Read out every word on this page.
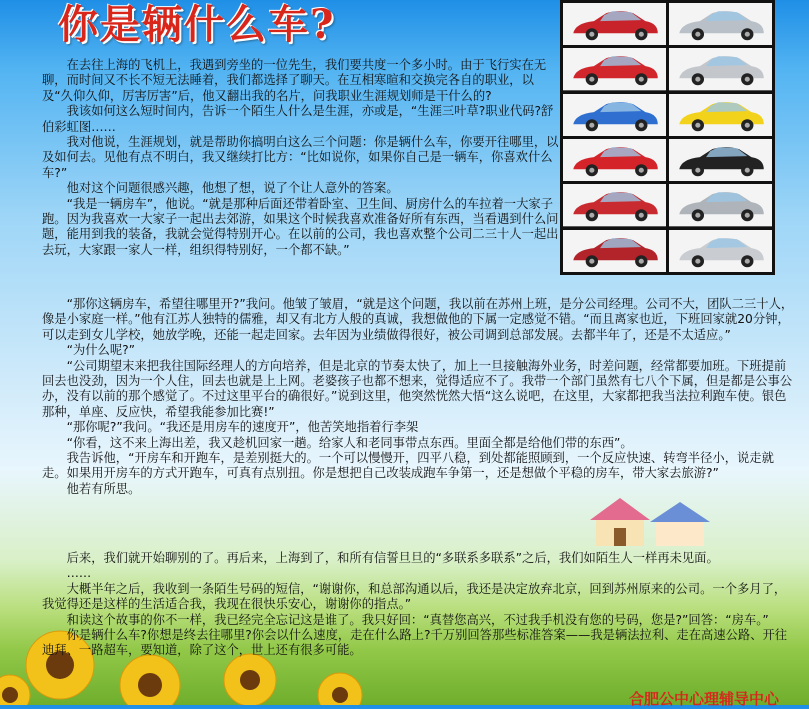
你是辆什么车?

在去往上海的飞机上，我遇到旁坐的一位先生，我们要共度一个多小时。由于飞行实在无聊，而时间又不长不短无法睡着，我们都选择了聊天。在互相寒暄和交换完各自的职业，以及“久仰久仰，厉害厉害”后，他又翻出我的名片，问我职业生涯规划师是干什么的?

我该如何这么短时间内，告诉一个陌生人什么是生涯，亦或是，“生涯三叶草?职业代码?舒伯彩虹图……

我对他说，生涯规划，就是帮助你搞明白这么三个问题：你是辆什么车，你要开往哪里，以及如何去。见他有点不明白，我又继续打比方：“比如说你，如果你自己是一辆车，你喜欢什么车?”

他对这个问题很感兴趣，他想了想，说了个让人意外的答案。

“我是一辆房车”，他说。“就是那种后面还带着卧室、卫生间、厨房什么的车拉着一大家子跑。因为我喜欢一大家子一起出去郊游，如果这个时候我喜欢准备好所有东西，当看遇到什么问题，能用到我的装备，我就会觉得特别开心。在以前的公司，我也喜欢整个公司二三十人一起出去玩，大家跟一家人一样，组织得特别好，一个都不缺。”

“那你这辆房车，希望往哪里开?”我问。他皱了皱眉，“就是这个问题，我以前在苏州上班，是分公司经理。公司不大，团队二三十人，像是小家庭一样。”他有江苏人独特的儒雅，却又有北方人般的真诚，我想做他的下属一定感觉不错。“而且离家也近，下班回家就20分钟，可以走到女儿学校，她放学晚，还能一起走回家。去年因为业绩做得很好，被公司调到总部发展。去都半年了，还是不太适应。”

“为什么呢?”

“公司期望末来把我往国际经理人的方向培养，但是北京的节奏太快了，加上一旦接触海外业务，时差问题，经常都要加班。下班提前回去也没劲，因为一个人住，回去也就是上上网。老婆孩子也都不想来，觉得适应不了。我带一个部门虽然有七八个下属，但是都是公事公办，没有以前的那个感觉了。不过这里平台的确很好。”说到这里，他突然恍然大悟“这么说吧，在这里，大家都把我当法拉利跑车使。银色那种，单座、反应快，希望我能参加比赛!”

“那你呢?”我问。“我还是用房车的速度开”，他苦笑地指着行李架

“你看，这不来上海出差，我又趁机回家一趟。给家人和老同事带点东西。里面全都是给他们带的东西”。

我告诉他，“开房车和开跑车，是差别挺大的。一个可以慢慢开，四平八稳，到处都能照顾到，一个反应快速、转弯半径小，说走就走。如果用开房车的方式开跑车，可真有点别扭。你是想把自己改装成跑车争第一，还是想做个平稳的房车，带大家去旅游?”

他若有所思。

后来，我们就开始聊别的了。再后来，上海到了，和所有信誓旦旦的“多联系多联系”之后，我们如陌生人一样再未见面。

……

大概半年之后，我收到一条陌生号码的短信，“谢谢你，和总部沟通以后，我还是决定放弃北京，回到苏州原来的公司。一个多月了，我觉得还是这样的生活适合我，我现在很快乐安心，谢谢你的指点。”

和读这个故事的你不一样，我已经完全忘记这是谁了。我只好回：“真替您高兴，不过我手机没有您的号码，您是?”回答：“房车。”

你是辆什么车?你想是终去往哪里?你会以什么速度，走在什么路上?千万别回答那些标准答案——我是辆法拉利、走在高速公路、开往迪拜、一路超车，要知道，除了这个，世上还有很多可能。

合肥公中心理辅导中心
